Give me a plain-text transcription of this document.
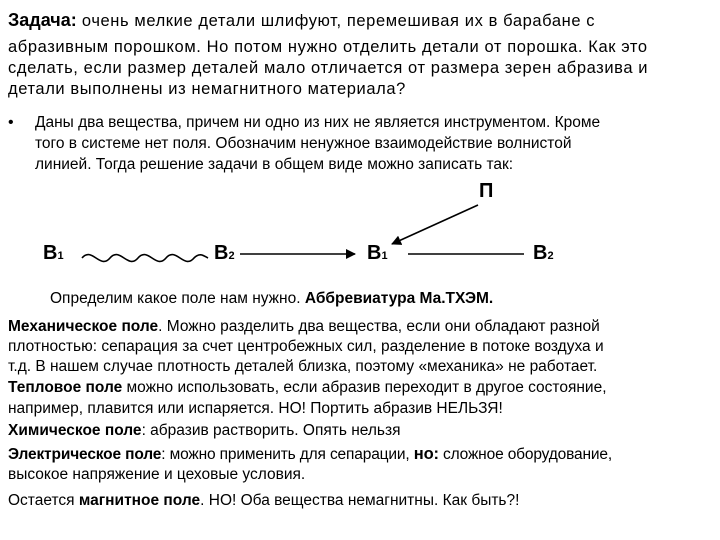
Задача: очень мелкие детали шлифуют, перемешивая их в барабане с
абразивным порошком. Но потом нужно отделить детали от порошка. Как это
сделать, если размер деталей мало отличается от размера зерен абразива и
детали выполнены из немагнитного материала?
• Даны два вещества, причем ни одно из них не является инструментом. Кроме
того в системе нет поля. Обозначим ненужное взаимодействие волнистой
линией. Тогда решение задачи в общем виде можно записать так:
П
В1	В2	В1	В2
Определим какое поле нам нужно. Аббревиатура Ма.ТХЭМ.
Механическое поле. Можно разделить два вещества, если они обладают разной
плотностью: сепарация за счет центробежных сил, разделение в потоке воздуха и
т.д. В нашем случае плотность деталей близка, поэтому «механика» не работает.
Тепловое поле можно использовать, если абразив переходит в другое состояние,
например, плавится или испаряется. НО! Портить абразив НЕЛЬЗЯ!
Химическое поле: абразив растворить. Опять нельзя
Электрическое поле: можно применить для сепарации, но: сложное оборудование,
высокое напряжение и цеховые условия.
Остается магнитное поле. НО! Оба вещества немагнитны. Как быть?!
